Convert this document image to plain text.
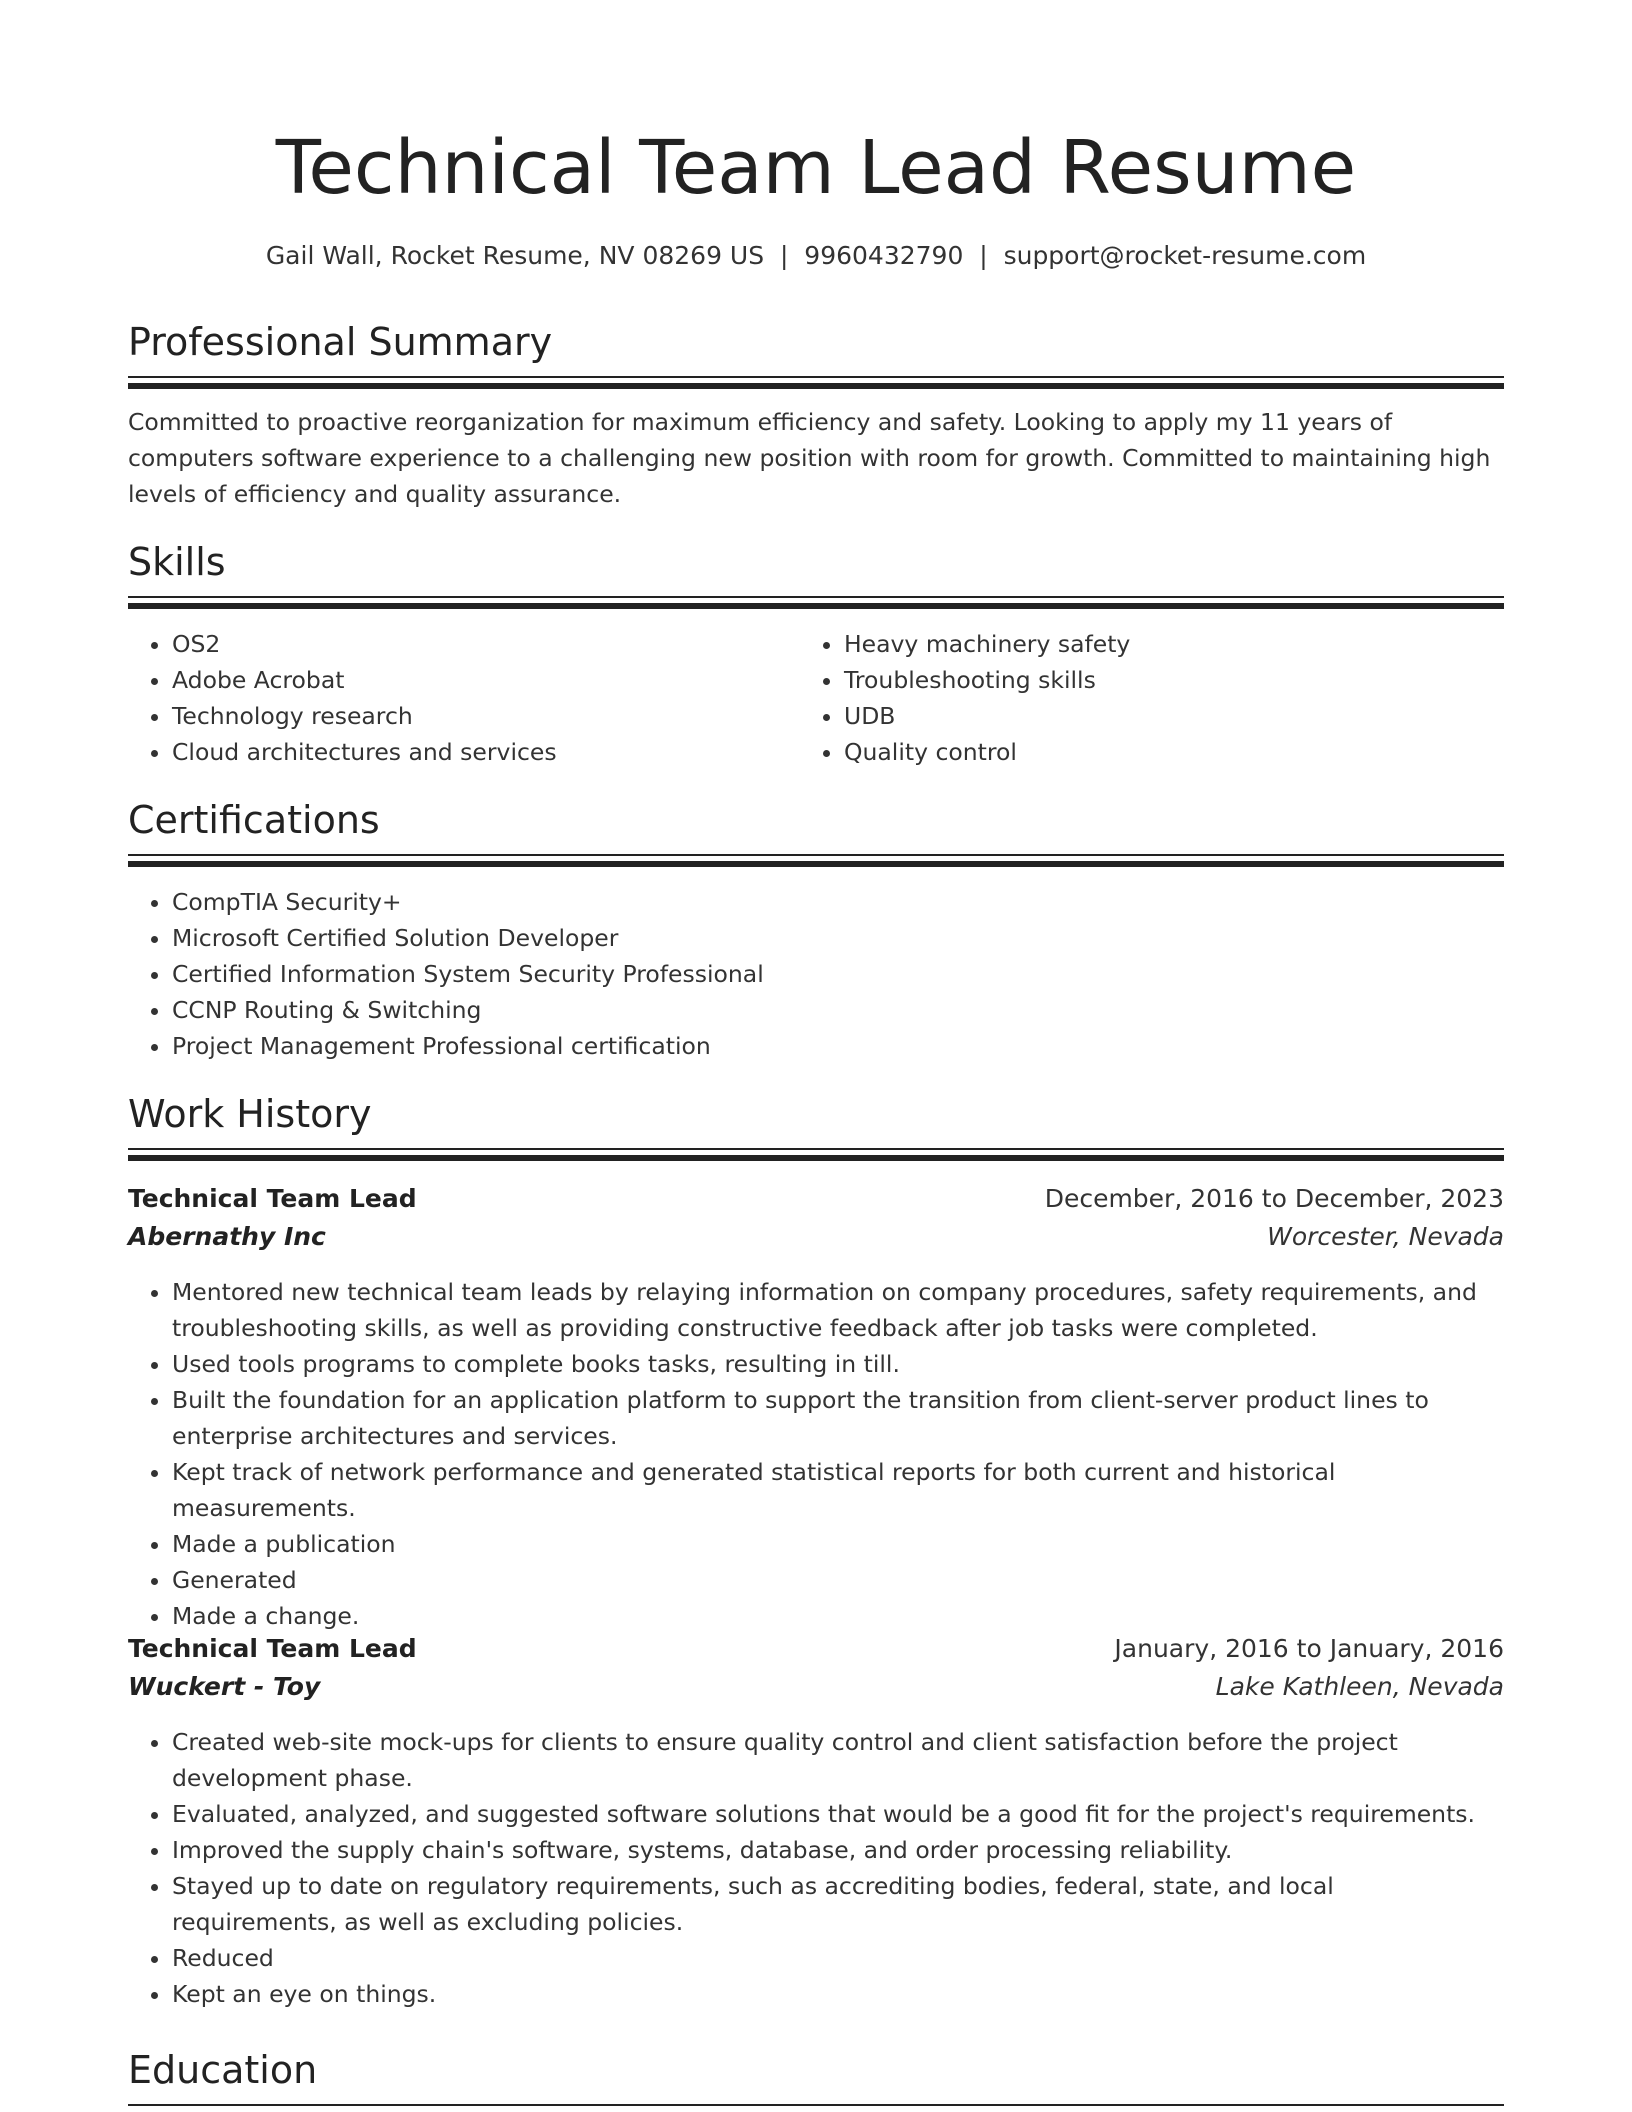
Technical Team Lead Resume
Gail Wall, Rocket Resume, NV 08269 US  |  9960432790  |  support@rocket-resume.com
Professional Summary

Committed to proactive reorganization for maximum efficiency and safety. Looking to apply my 11 years of computers software experience to a challenging new position with room for growth. Committed to maintaining high levels of efficiency and quality assurance.

Skills
• OS2
• Adobe Acrobat
• Technology research
• Cloud architectures and services
• Heavy machinery safety
• Troubleshooting skills
• UDB
• Quality control
Certifications
• CompTIA Security+
• Microsoft Certified Solution Developer
• Certified Information System Security Professional
• CCNP Routing & Switching
• Project Management Professional certification
Work History
Technical Team Lead	December, 2016 to December, 2023
Abernathy Inc	Worcester, Nevada
• Mentored new technical team leads by relaying information on company procedures, safety requirements, and troubleshooting skills, as well as providing constructive feedback after job tasks were completed.
• Used tools programs to complete books tasks, resulting in till.
• Built the foundation for an application platform to support the transition from client-server product lines to enterprise architectures and services.
• Kept track of network performance and generated statistical reports for both current and historical measurements.
• Made a publication
• Generated
• Made a change.
Technical Team Lead	January, 2016 to January, 2016
Wuckert - Toy	Lake Kathleen, Nevada
• Created web-site mock-ups for clients to ensure quality control and client satisfaction before the project development phase.
• Evaluated, analyzed, and suggested software solutions that would be a good fit for the project's requirements.
• Improved the supply chain's software, systems, database, and order processing reliability.
• Stayed up to date on regulatory requirements, such as accrediting bodies, federal, state, and local requirements, as well as excluding policies.
• Reduced
• Kept an eye on things.
Education
